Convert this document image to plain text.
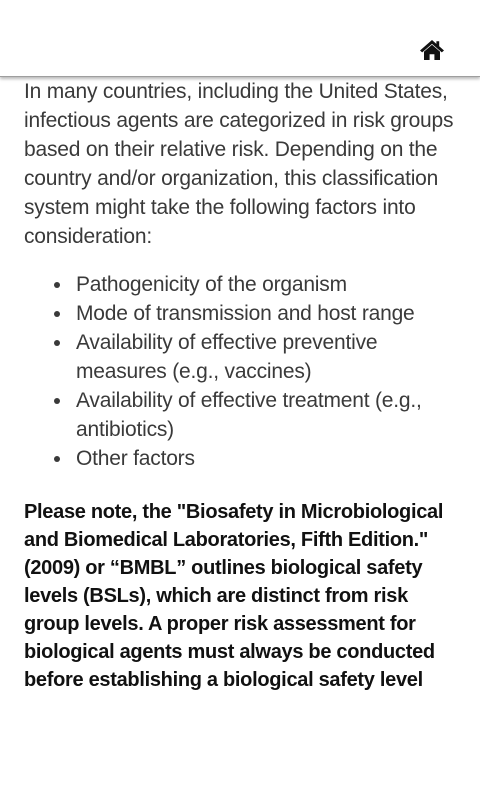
In many countries, including the United States, infectious agents are categorized in risk groups based on their relative risk. Depending on the country and/or organization, this classification system might take the following factors into consideration:

Pathogenicity of the organism
Mode of transmission and host range
Availability of effective preventive measures (e.g., vaccines)
Availability of effective treatment (e.g., antibiotics)
Other factors

Please note, the "Biosafety in Microbiological and Biomedical Laboratories, Fifth Edition." (2009) or “BMBL” outlines biological safety levels (BSLs), which are distinct from risk group levels. A proper risk assessment for biological agents must always be conducted before establishing a biological safety level
